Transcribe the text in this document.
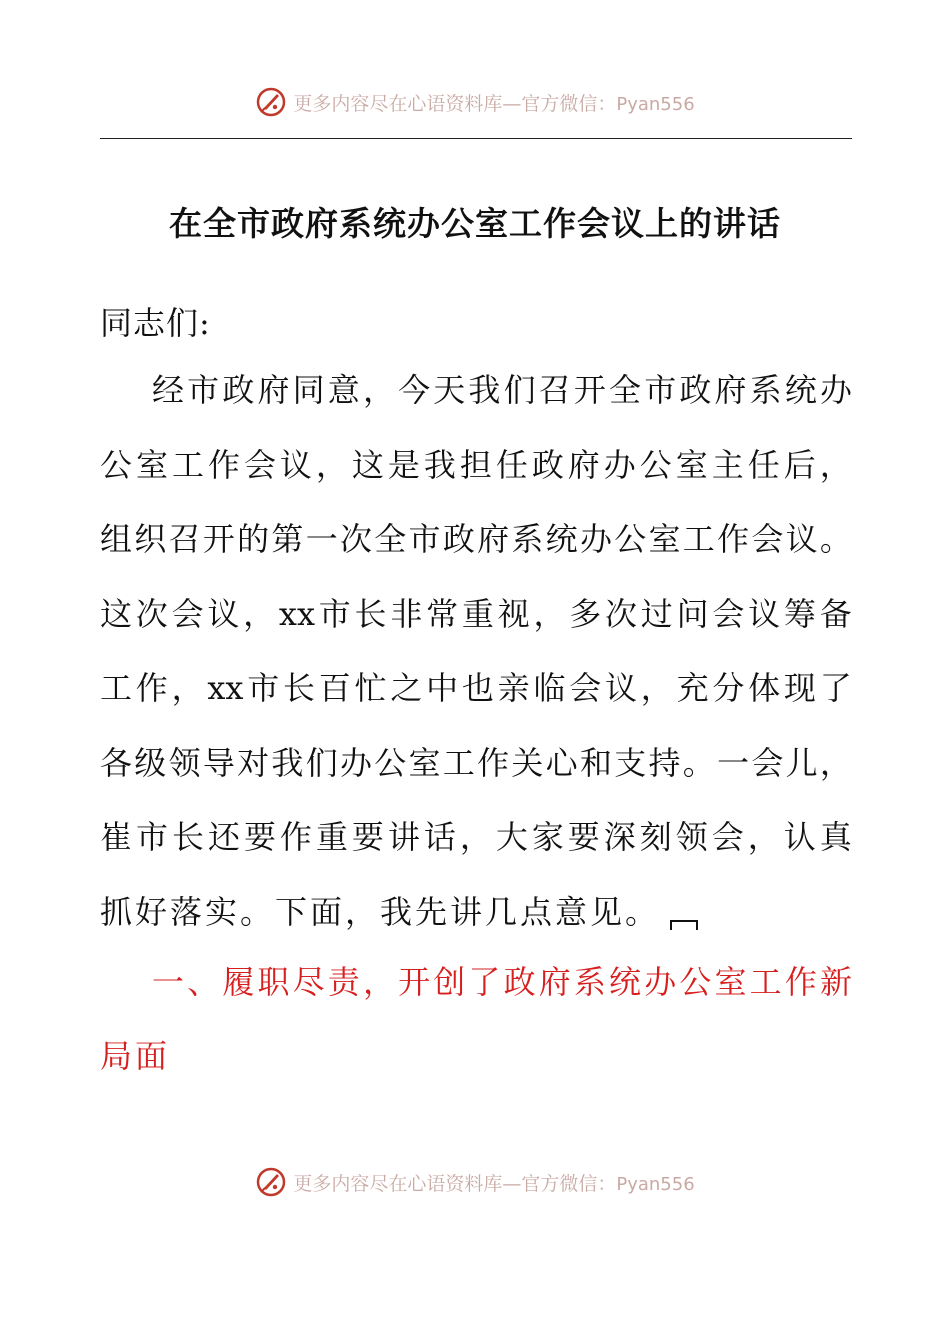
更多内容尽在心语资料库—官方微信：Pyan556
在全市政府系统办公室工作会议上的讲话

同志们:

经 市 政 府 同 意 ， 今 天 我 们 召 开 全 市 政 府 系 统 办
公 室 工 作 会 议 ， 这 是 我 担 任 政 府 办 公 室 主 任 后 ，
组 织 召 开 的 第 一 次 全 市 政 府 系 统 办 公 室 工 作 会 议 。
这 次 会 议 ， xx 市 长 非 常 重 视 ， 多 次 过 问 会 议 筹 备
工 作 ， xx 市 长 百 忙 之 中 也 亲 临 会 议 ， 充 分 体 现 了
各 级 领 导 对 我 们 办 公 室 工 作 关 心 和 支 持 。 一 会 儿 ，
崔 市 长 还 要 作 重 要 讲 话 ， 大 家 要 深 刻 领 会 ， 认 真
抓好落实。下面，我先讲几点意见。
一 、 履 职 尽 责 ， 开 创 了 政 府 系 统 办 公 室 工 作 新
局面
更多内容尽在心语资料库—官方微信：Pyan556
